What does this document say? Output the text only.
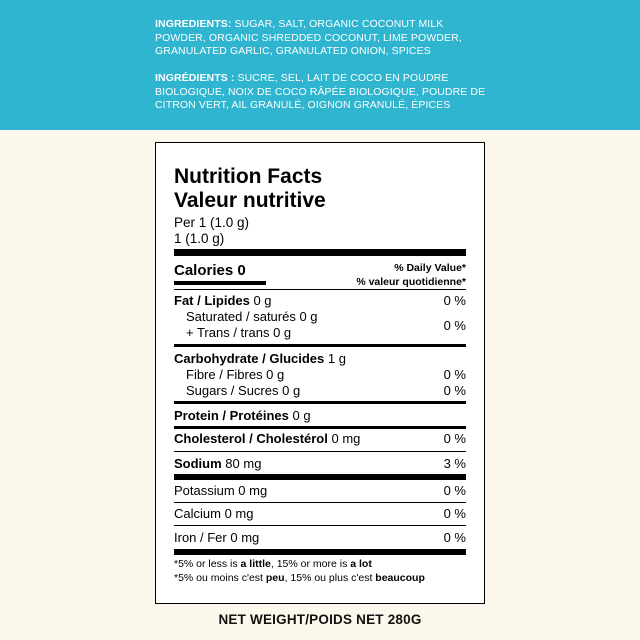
INGREDIENTS: SUGAR, SALT, ORGANIC COCONUT MILK POWDER, ORGANIC SHREDDED COCONUT, LIME POWDER, GRANULATED GARLIC, GRANULATED ONION, SPICES
INGRÉDIENTS : SUCRE, SEL, LAIT DE COCO EN POUDRE BIOLOGIQUE, NOIX DE COCO RÂPÉE BIOLOGIQUE, POUDRE DE CITRON VERT, AIL GRANULÉ, OIGNON GRANULÉ, ÉPICES
Nutrition Facts
Valeur nutritive
Per 1 (1.0 g)
1 (1.0 g)
Calories 0	% Daily Value*
% valeur quotidienne*
Fat / Lipides 0 g	0 %
Saturated / saturés 0 g
+ Trans / trans 0 g	0 %
Carbohydrate / Glucides 1 g
Fibre / Fibres 0 g	0 %
Sugars / Sucres 0 g	0 %
Protein / Protéines 0 g
Cholesterol / Cholestérol 0 mg	0 %
Sodium 80 mg	3 %
Potassium 0 mg	0 %
Calcium 0 mg	0 %
Iron / Fer 0 mg	0 %
*5% or less is a little, 15% or more is a lot
*5% ou moins c'est peu, 15% ou plus c'est beaucoup
NET WEIGHT/POIDS NET 280G
